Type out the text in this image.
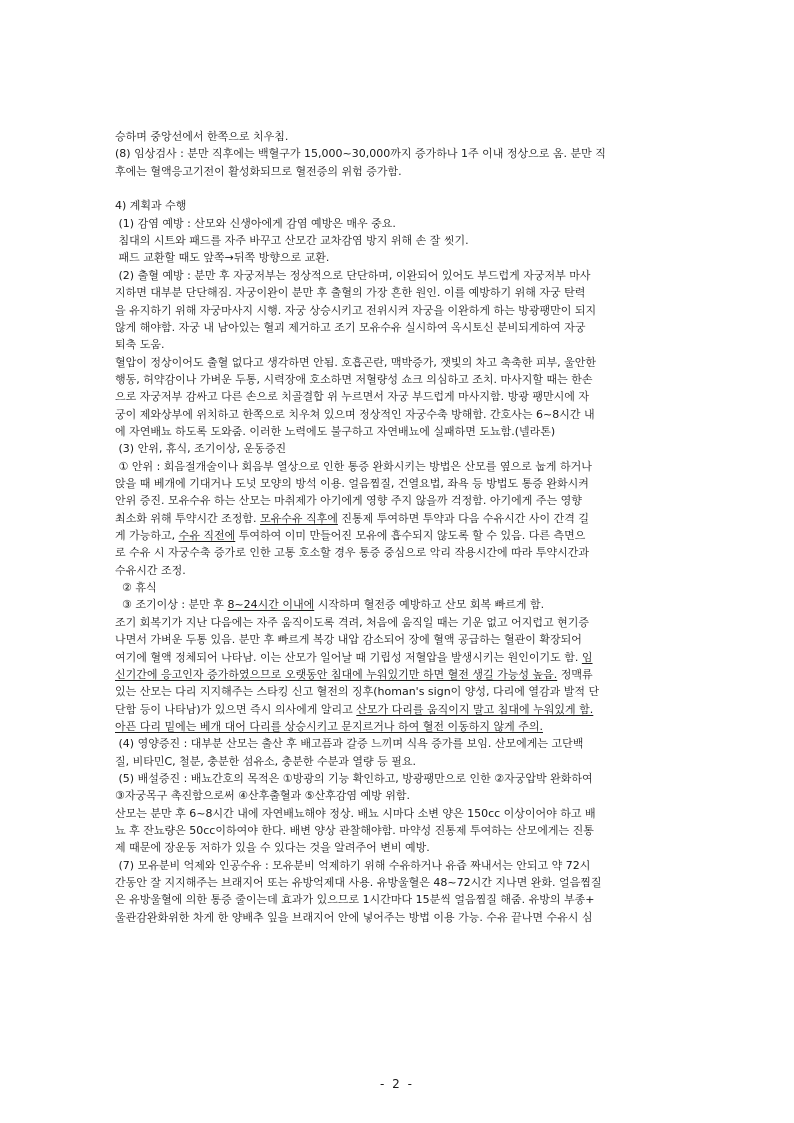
승하며 중앙선에서 한쪽으로 치우침.
(8) 임상검사 : 분만 직후에는 백혈구가 15,000~30,000까지 증가하나 1주 이내 정상으로 옴. 분만 직
후에는 혈액응고기전이 활성화되므로 혈전증의 위험 증가함.
4) 계획과 수행
(1) 감염 예방 : 산모와 신생아에게 감염 예방은 매우 중요.
침대의 시트와 패드를 자주 바꾸고 산모간 교차감염 방지 위해 손 잘 씻기.
패드 교환할 때도 앞쪽→뒤쪽 방향으로 교환.
(2) 출혈 예방 : 분만 후 자궁저부는 정상적으로 단단하며, 이완되어 있어도 부드럽게 자궁저부 마사
지하면 대부분 단단해짐. 자궁이완이 분만 후 출혈의 가장 흔한 원인. 이를 예방하기 위해 자궁 탄력
을 유지하기 위해 자궁마사지 시행. 자궁 상승시키고 전위시켜 자궁을 이완하게 하는 방광팽만이 되지
않게 해야함. 자궁 내 남아있는 혈괴 제거하고 조기 모유수유 실시하여 옥시토신 분비되게하여 자궁
퇴축 도움.
혈압이 정상이어도 출혈 없다고 생각하면 안됨. 호흡곤란, 맥박증가, 잿빛의 차고 축축한 피부, 울안한
행동, 허약감이나 가벼운 두통, 시력장애 호소하면 저혈량성 쇼크 의심하고 조치. 마사지할 때는 한손
으로 자궁저부 감싸고 다른 손으로 치골결합 위 누르면서 자궁 부드럽게 마사지함. 방광 팽만시에 자
궁이 제와상부에 위치하고 한쪽으로 치우쳐 있으며 정상적인 자궁수축 방해함. 간호사는 6~8시간 내
에 자연배뇨 하도록 도와줌. 이러한 노력에도 불구하고 자연배뇨에 실패하면 도뇨함.(넬라톤)
(3) 안위, 휴식, 조기이상, 운동증진
① 안위 : 회음절개술이나 회음부 열상으로 인한 통증 완화시키는 방법은 산모를 옆으로 눕게 하거나
앉을 때 베개에 기대거나 도넛 모양의 방석 이용. 얼음찜질, 건열요법, 좌욕 등 방법도 통증 완화시켜
안위 증진. 모유수유 하는 산모는 마취제가 아기에게 영향 주지 않을까 걱정함. 아기에게 주는 영향
최소화 위해 투약시간 조정함. 모유수유 직후에 진통제 투여하면 투약과 다음 수유시간 사이 간격 길
게 가능하고, 수유 직전에 투여하여 이미 만들어진 모유에 흡수되지 않도록 할 수 있음. 다른 측면으
로 수유 시 자궁수축 증가로 인한 고통 호소할 경우 통증 중심으로 악리 작용시간에 따라 투약시간과
수유시간 조정.
② 휴식
③ 조기이상 : 분만 후 8~24시간 이내에 시작하며 혈전증 예방하고 산모 회복 빠르게 함.
조기 회복기가 지난 다음에는 자주 움직이도록 격려, 처음에 움직일 때는 기운 없고 어지럽고 현기증
나면서 가벼운 두통 있음. 분만 후 빠르게 복강 내압 감소되어 장에 혈액 공급하는 혈관이 확장되어
여기에 혈액 정체되어 나타남. 이는 산모가 일어날 때 기립성 저혈압을 발생시키는 원인이기도 함. 임
신기간에 응고인자 증가하였으므로 오랫동안 침대에 누워있기만 하면 혈전 생길 가능성 높음. 정맥류
있는 산모는 다리 지지해주는 스타킹 신고 혈전의 징후(homan's sign이 양성, 다리에 열감과 발적 단
단함 등이 나타남)가 있으면 즉시 의사에게 알리고 산모가 다리를 움직이지 말고 침대에 누워있게 함.
아픈 다리 밑에는 베개 대어 다리를 상승시키고 문지르거나 하여 혈전 이동하지 않게 주의.
(4) 영양증진 : 대부분 산모는 출산 후 배고픔과 갈증 느끼며 식욕 증가를 보임. 산모에게는 고단백
질, 비타민C, 철분, 충분한 섬유소, 충분한 수분과 열량 등 필요.
(5) 배설증진 : 배뇨간호의 목적은 ①방광의 기능 확인하고, 방광팽만으로 인한 ②자궁압박 완화하여
③자궁목구 촉진함으로써 ④산후출혈과 ⑤산후감염 예방 위함.
산모는 분만 후 6~8시간 내에 자연배뇨해야 정상. 배뇨 시마다 소변 양은 150cc 이상이어야 하고 배
뇨 후 잔뇨량은 50cc이하여야 한다. 배변 양상 관찰해야함. 마약성 진통제 투여하는 산모에게는 진통
제 때문에 장운동 저하가 있을 수 있다는 것을 알려주어 변비 예방.
(7) 모유분비 억제와 인공수유 : 모유분비 억제하기 위해 수유하거나 유즙 짜내서는 안되고 약 72시
간동안 잘 지지해주는 브래지어 또는 유방억제대 사용. 유방울혈은 48~72시간 지나면 완화. 얼음찜질
은 유방울혈에 의한 통증 줄이는데 효과가 있으므로 1시간마다 15분씩 얼음찜질 해줌. 유방의 부종+
울관감완화위한 차게 한 양배추 잎을 브래지어 안에 넣어주는 방법 이용 가능. 수유 끝나면 수유시 심
- 2 -
